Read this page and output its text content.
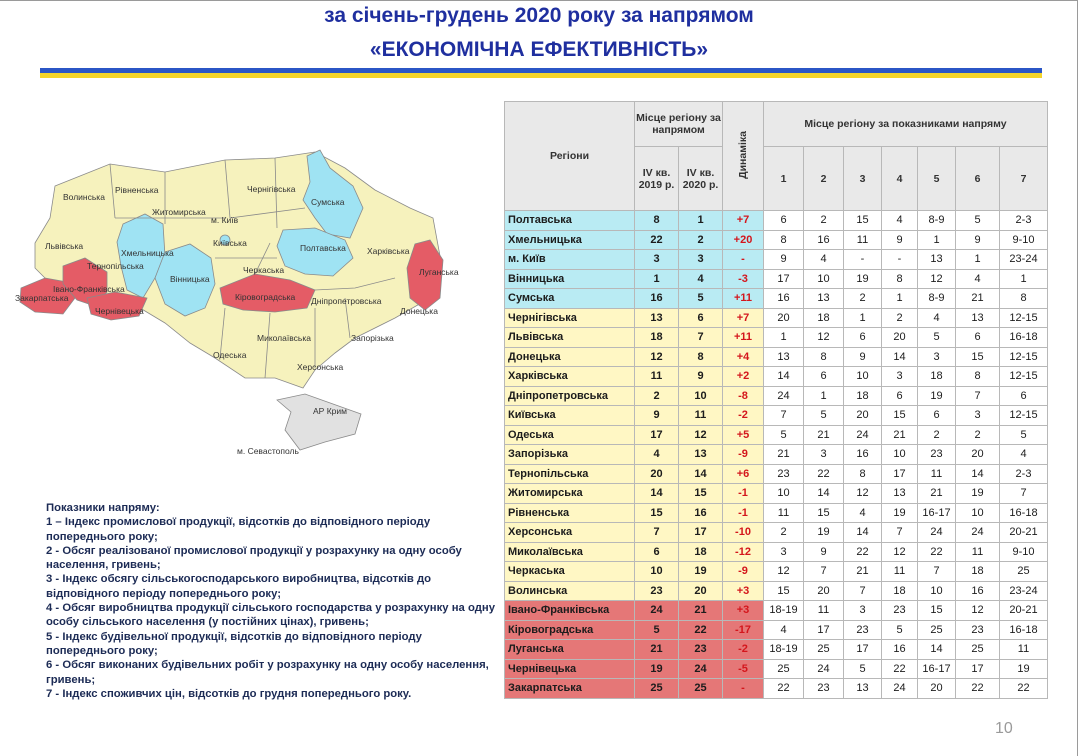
за січень-грудень 2020 року за напрямом
«ЕКОНОМІЧНА ЕФЕКТИВНІСТЬ»
Волинська
Рівненська	Чернігівська
Сумська
Житомирська
м. Київ
Київська	Полтавська Харківська
Луганська
Львівська
Хмельницька
Тернопільська
Вінницька
Черкаська
Донецька
Івано-Франківська
Закарпатська
Чернівецька
Кіровоградська Дніпропетровська
Запорізька
Миколаївська
Одеська
Херсонська
АР Крим
м. Севастополь
Показники напряму:
1 – Індекс промислової продукції, відсотків до відповідного періоду попереднього року;
2 - Обсяг реалізованої промислової продукції у розрахунку на одну особу населення, гривень;
3 - Індекс обсягу сільськогосподарського виробництва, відсотків до відповідного періоду попереднього року;
4 - Обсяг виробництва продукції сільського господарства у розрахунку на одну особу сільського населення (у постійних цінах), гривень;
5 - Індекс будівельної продукції, відсотків до відповідного періоду попереднього року;
6 - Обсяг виконаних будівельних робіт у розрахунку на одну особу населення, гривень;
7 - Індекс споживчих цін, відсотків до грудня попереднього року.
Регіони	Місце регіону за напрямом		Динаміка	Місце регіону за показниками напряму						
	IV кв. 2019 р.	IV кв. 2020 р.		1	2	3	4	5	6	7
Полтавська	8	1	+7	6	2	15	4	8-9	5	2-3
Хмельницька	22	2	+20	8	16	11	9	1	9	9-10
м. Київ	3	3	-	9	4	-	-	13	1	23-24
Вінницька	1	4	-3	17	10	19	8	12	4	1
Сумська	16	5	+11	16	13	2	1	8-9	21	8
Чернігівська	13	6	+7	20	18	1	2	4	13	12-15
Львівська	18	7	+11	1	12	6	20	5	6	16-18
Донецька	12	8	+4	13	8	9	14	3	15	12-15
Харківська	11	9	+2	14	6	10	3	18	8	12-15
Дніпропетровська	2	10	-8	24	1	18	6	19	7	6
Київська	9	11	-2	7	5	20	15	6	3	12-15
Одеська	17	12	+5	5	21	24	21	2	2	5
Запорізька	4	13	-9	21	3	16	10	23	20	4
Тернопільська	20	14	+6	23	22	8	17	11	14	2-3
Житомирська	14	15	-1	10	14	12	13	21	19	7
Рівненська	15	16	-1	11	15	4	19	16-17	10	16-18
Херсонська	7	17	-10	2	19	14	7	24	24	20-21
Миколаївська	6	18	-12	3	9	22	12	22	11	9-10
Черкаська	10	19	-9	12	7	21	11	7	18	25
Волинська	23	20	+3	15	20	7	18	10	16	23-24
Івано-Франківська	24	21	+3	18-19	11	3	23	15	12	20-21
Кіровоградська	5	22	-17	4	17	23	5	25	23	16-18
Луганська	21	23	-2	18-19	25	17	16	14	25	11
Чернівецька	19	24	-5	25	24	5	22	16-17	17	19
Закарпатська	25	25	-	22	23	13	24	20	22	22
10
